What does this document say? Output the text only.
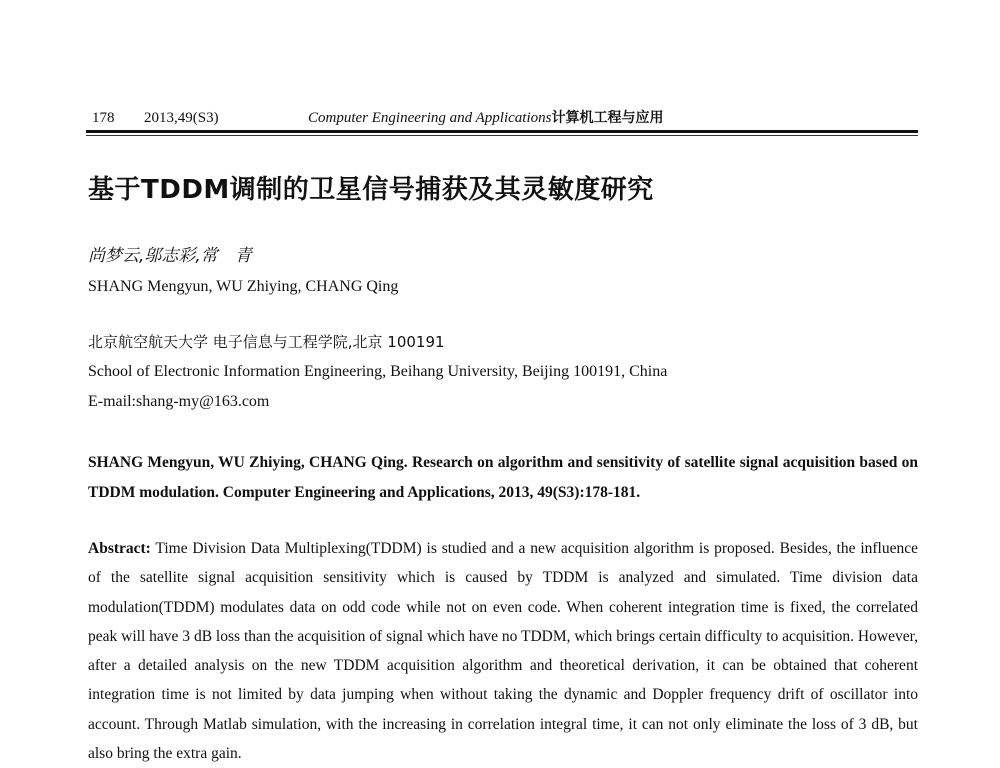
178 2013,49(S3)	Computer Engineering and Applications计算机工程与应用
基于TDDM调制的卫星信号捕获及其灵敏度研究
尚梦云,邬志彩,常　青
SHANG Mengyun, WU Zhiying, CHANG Qing
北京航空航天大学 电子信息与工程学院,北京 100191
School of Electronic Information Engineering, Beihang University, Beijing 100191, China
E-mail:shang-my@163.com
SHANG Mengyun, WU Zhiying, CHANG Qing. Research on algorithm and sensitivity of satellite signal acquisition based on TDDM modulation. Computer Engineering and Applications, 2013, 49(S3):178-181.
Abstract: Time Division Data Multiplexing(TDDM) is studied and a new acquisition algorithm is proposed. Besides, the influence of the satellite signal acquisition sensitivity which is caused by TDDM is analyzed and simulated. Time division data modulation(TDDM) modulates data on odd code while not on even code. When coherent integration time is fixed, the correlated peak will have 3 dB loss than the acquisition of signal which have no TDDM, which brings certain difficulty to acquisition. However, after a detailed analysis on the new TDDM acquisition algorithm and theoretical derivation, it can be obtained that coherent integration time is not limited by data jumping when without taking the dynamic and Doppler frequency drift of oscillator into account. Through Matlab simulation, with the increasing in correlation integral time, it can not only eliminate the loss of 3 dB, but also bring the extra gain.
